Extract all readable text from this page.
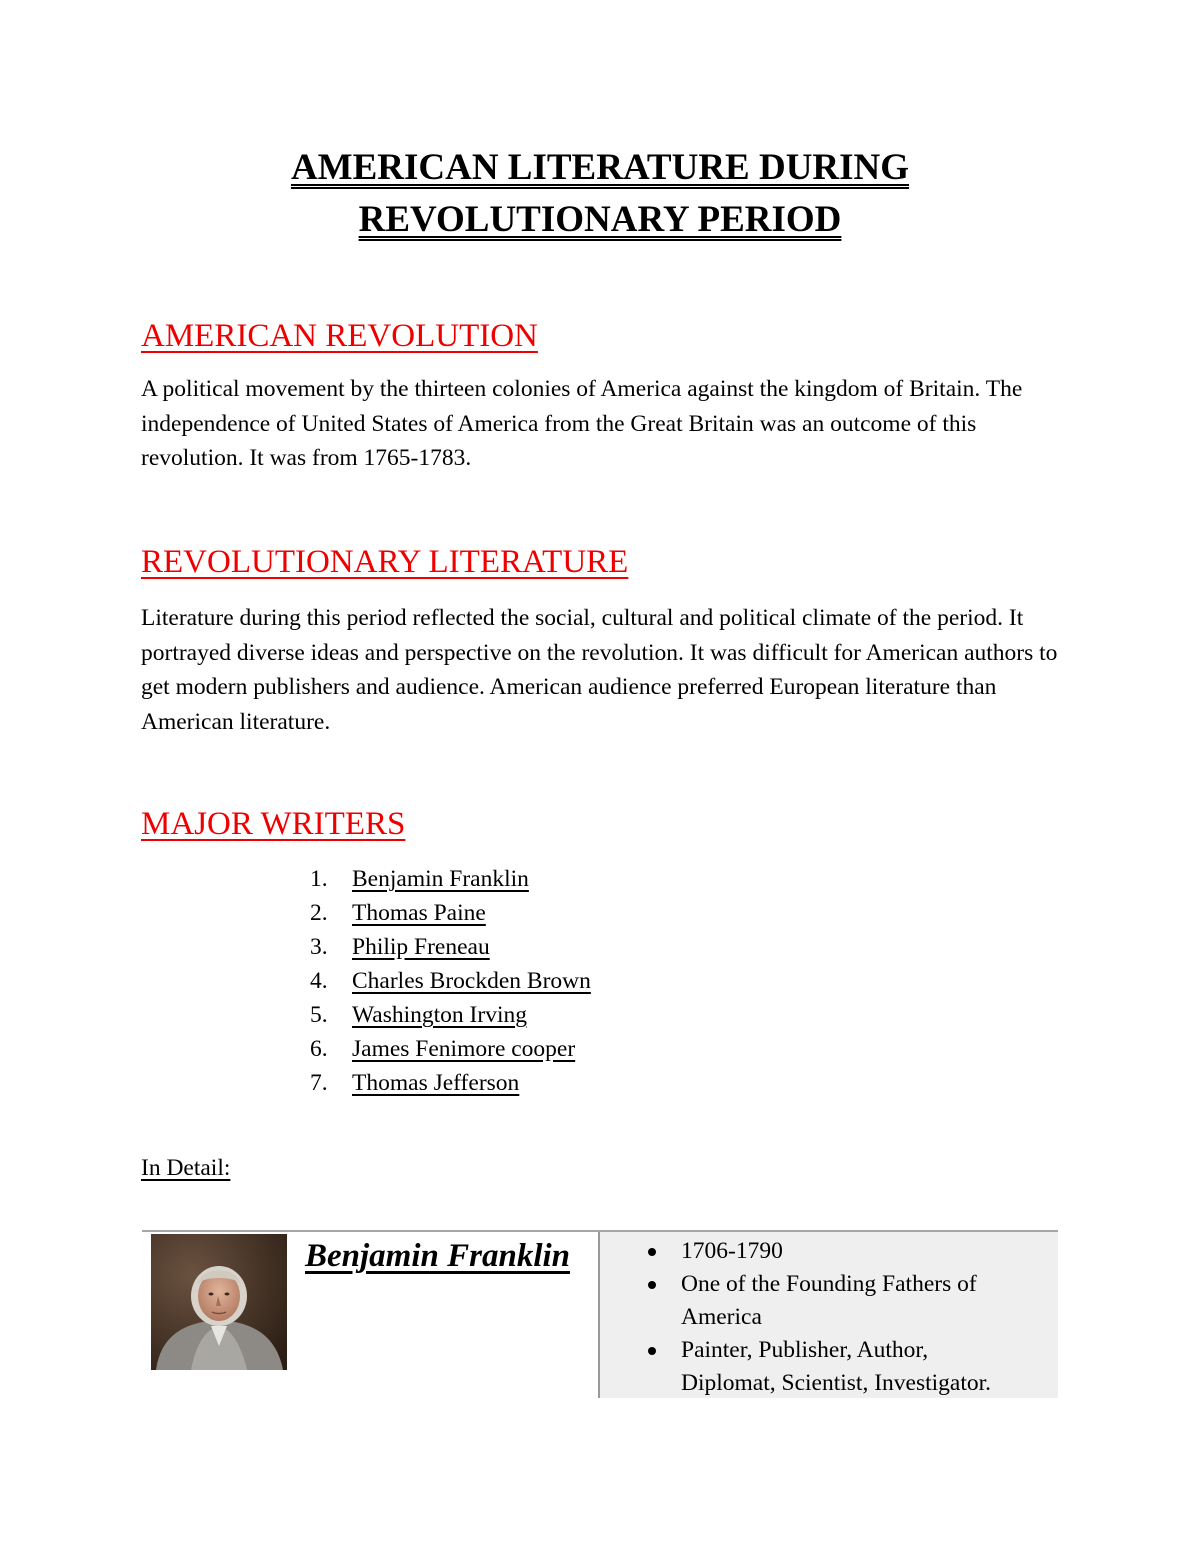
AMERICAN LITERATURE DURING
REVOLUTIONARY PERIOD
AMERICAN REVOLUTION

A political movement by the thirteen colonies of America against the kingdom of Britain. The independence of United States of America from the Great Britain was an outcome of this revolution. It was from 1765-1783.

REVOLUTIONARY LITERATURE

Literature during this period reflected the social, cultural and political climate of the period. It portrayed diverse ideas and perspective on the revolution. It was difficult for American authors to get modern publishers and audience. American audience preferred European literature than American literature.

MAJOR WRITERS
1.	Benjamin Franklin
2.	Thomas Paine
3.	Philip Freneau
4.	Charles Brockden Brown
5.	Washington Irving
6.	James Fenimore cooper
7.	Thomas Jefferson

In Detail:

Benjamin Franklin	1706-1790
One of the Founding Fathers of America
Painter, Publisher, Author, Diplomat, Scientist, Investigator.
